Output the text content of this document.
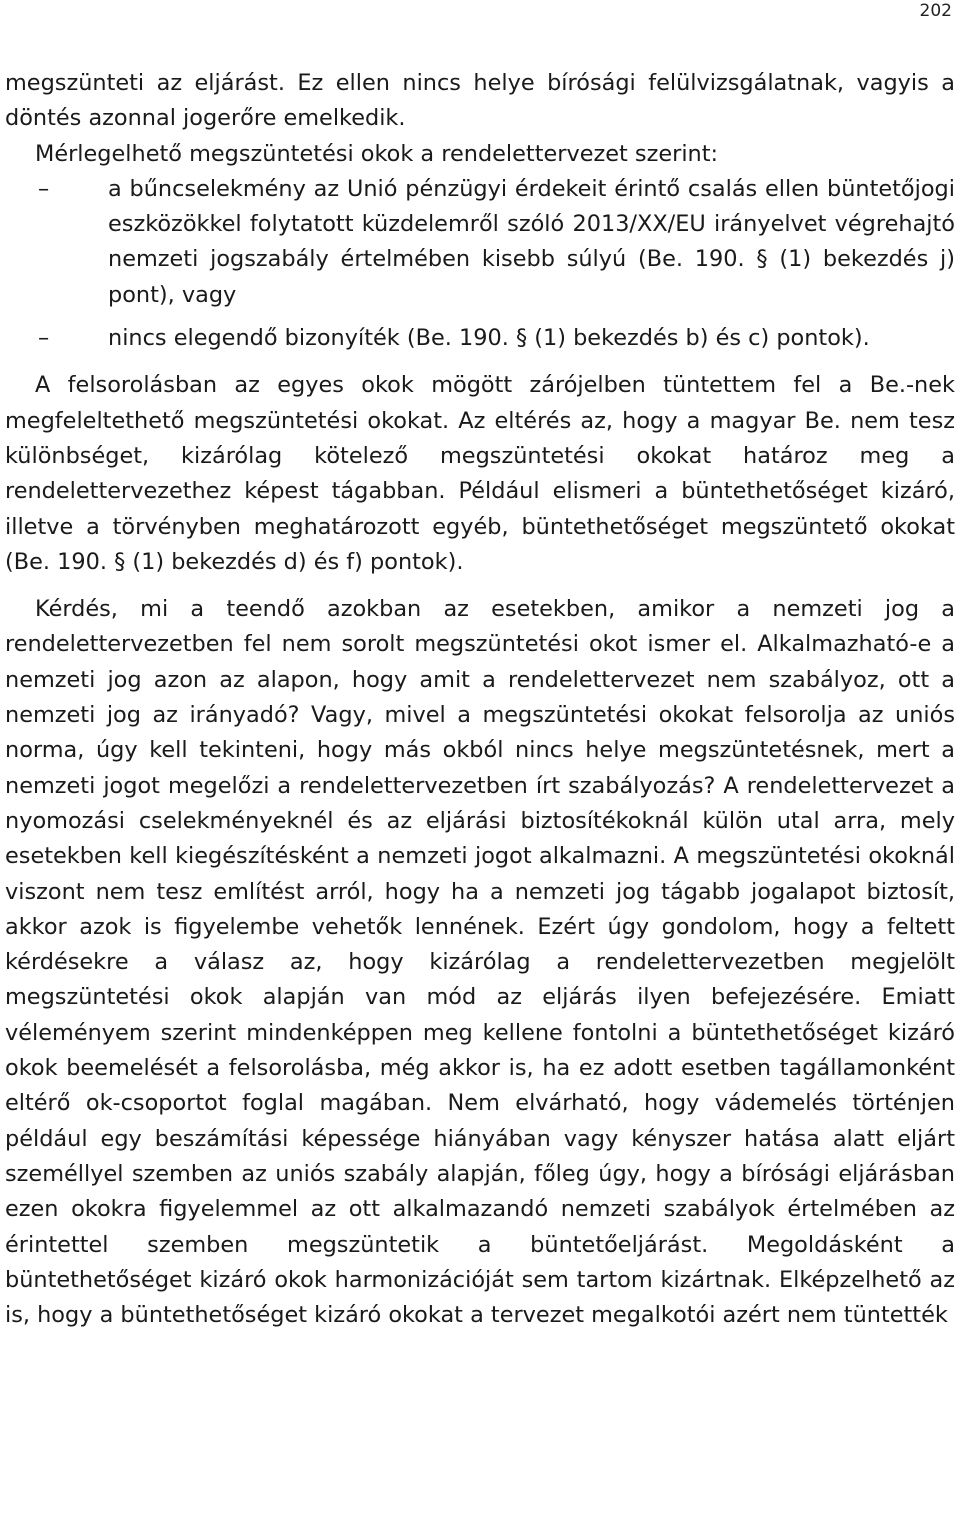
202

megszünteti az eljárást. Ez ellen nincs helye bírósági felülvizsgálatnak, vagyis a döntés azonnal jogerőre emelkedik.

Mérlegelhető megszüntetési okok a rendelettervezet szerint:

–	a bűncselekmény az Unió pénzügyi érdekeit érintő csalás ellen büntetőjogi eszközökkel folytatott küzdelemről szóló 2013/XX/EU irányelvet végrehajtó nemzeti jogszabály értelmében kisebb súlyú (Be. 190. § (1) bekezdés j) pont), vagy
–	nincs elegendő bizonyíték (Be. 190. § (1) bekezdés b) és c) pontok).

A felsorolásban az egyes okok mögött zárójelben tüntettem fel a Be.-nek megfeleltethető megszüntetési okokat. Az eltérés az, hogy a magyar Be. nem tesz különbséget, kizárólag kötelező megszüntetési okokat határoz meg a rendelettervezethez képest tágabban. Például elismeri a büntethetőséget kizáró, illetve a törvényben meghatározott egyéb, büntethetőséget megszüntető okokat (Be. 190. § (1) bekezdés d) és f) pontok).

Kérdés, mi a teendő azokban az esetekben, amikor a nemzeti jog a rendelettervezetben fel nem sorolt megszüntetési okot ismer el. Alkalmazható-e a nemzeti jog azon az alapon, hogy amit a rendelettervezet nem szabályoz, ott a nemzeti jog az irányadó? Vagy, mivel a megszüntetési okokat felsorolja az uniós norma, úgy kell tekinteni, hogy más okból nincs helye megszüntetésnek, mert a nemzeti jogot megelőzi a rendelettervezetben írt szabályozás? A rendelettervezet a nyomozási cselekményeknél és az eljárási biztosítékoknál külön utal arra, mely esetekben kell kiegészítésként a nemzeti jogot alkalmazni. A megszüntetési okoknál viszont nem tesz említést arról, hogy ha a nemzeti jog tágabb jogalapot biztosít, akkor azok is figyelembe vehetők lennének. Ezért úgy gondolom, hogy a feltett kérdésekre a válasz az, hogy kizárólag a rendelettervezetben megjelölt megszüntetési okok alapján van mód az eljárás ilyen befejezésére. Emiatt véleményem szerint mindenképpen meg kellene fontolni a büntethetőséget kizáró okok beemelését a felsorolásba, még akkor is, ha ez adott esetben tagállamonként eltérő ok-csoportot foglal magában. Nem elvárható, hogy vádemelés történjen például egy beszámítási képessége hiányában vagy kényszer hatása alatt eljárt személlyel szemben az uniós szabály alapján, főleg úgy, hogy a bírósági eljárásban ezen okokra figyelemmel az ott alkalmazandó nemzeti szabályok értelmében az érintettel szemben megszüntetik a büntetőeljárást. Megoldásként a büntethetőséget kizáró okok harmonizációját sem tartom kizártnak. Elképzelhető az is, hogy a büntethetőséget kizáró okokat a tervezet megalkotói azért nem tüntették
